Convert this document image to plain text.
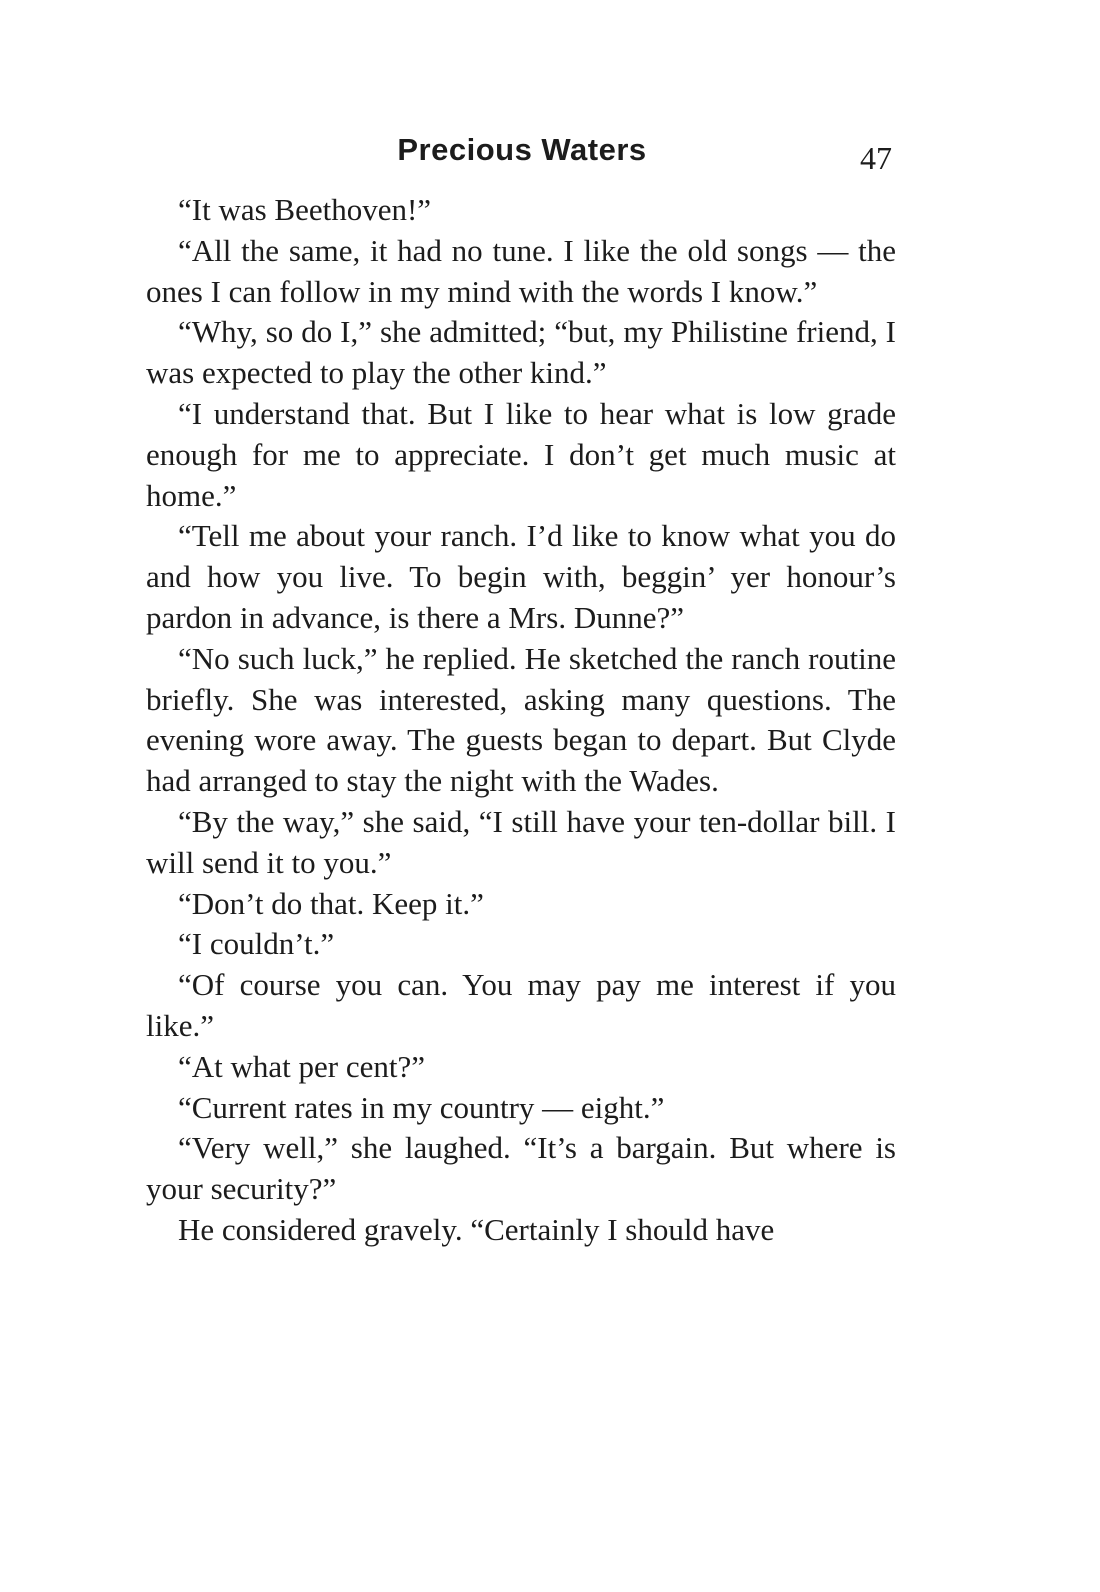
Precious Waters	47

“It was Beethoven!”

“All the same, it had no tune. I like the old songs — the ones I can follow in my mind with the words I know.”

“Why, so do I,” she admitted; “but, my Philistine friend, I was expected to play the other kind.”

“I understand that. But I like to hear what is low grade enough for me to appreciate. I don’t get much music at home.”

“Tell me about your ranch. I’d like to know what you do and how you live. To begin with, beggin’ yer honour’s pardon in advance, is there a Mrs. Dunne?”

“No such luck,” he replied. He sketched the ranch routine briefly. She was interested, asking many questions. The evening wore away. The guests began to depart. But Clyde had arranged to stay the night with the Wades.

“By the way,” she said, “I still have your ten-dollar bill. I will send it to you.”

“Don’t do that. Keep it.”

“I couldn’t.”

“Of course you can. You may pay me interest if you like.”

“At what per cent?”

“Current rates in my country — eight.”

“Very well,” she laughed. “It’s a bargain. But where is your security?”

He considered gravely. “Certainly I should have
